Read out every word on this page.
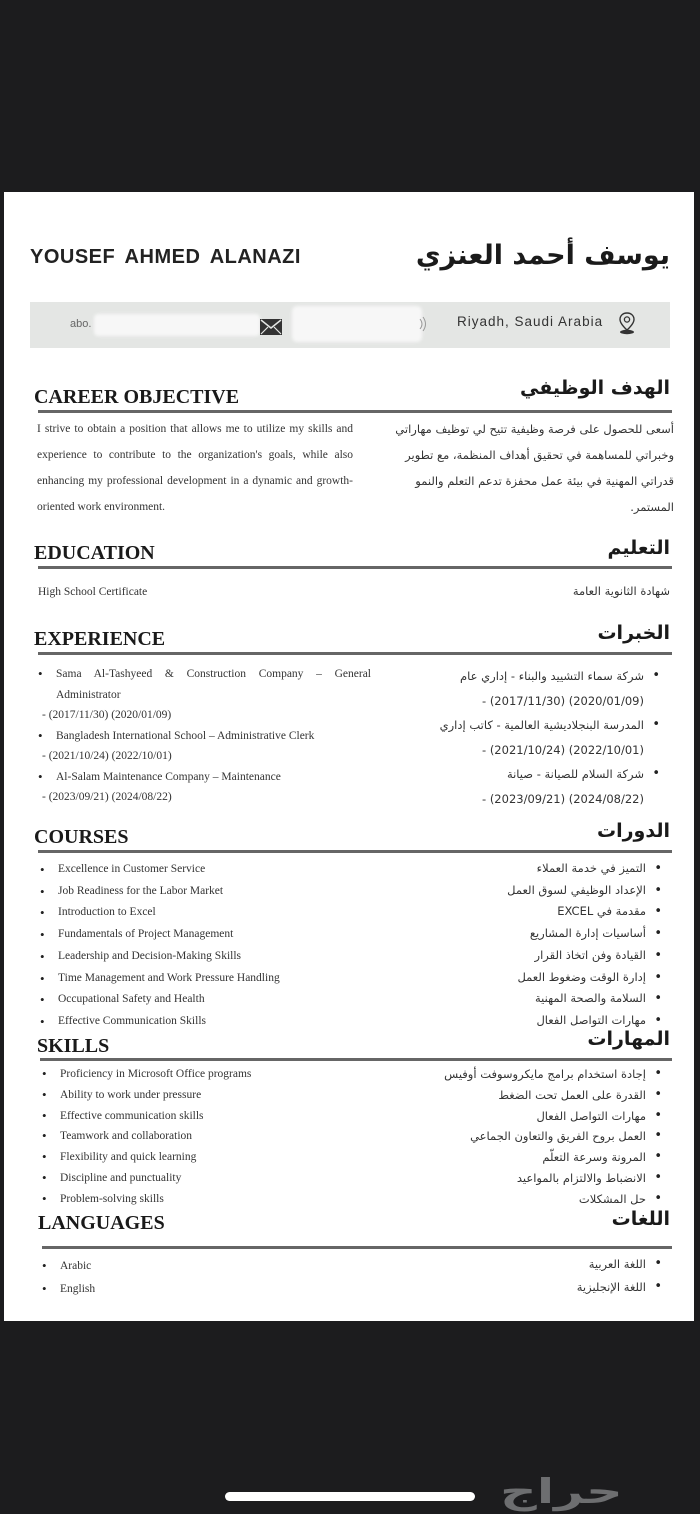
YOUSEF AHMED ALANAZI	يوسف أحمد العنزي
abo.	Riyadh, Saudi Arabia
CAREER OBJECTIVE	الهدف الوظيفي
I strive to obtain a position that allows me to utilize my skills and experience to contribute to the organization's goals, while also enhancing my professional development in a dynamic and growth-oriented work environment.
أسعى للحصول على فرصة وظيفية تتيح لي توظيف مهاراتي وخبراتي للمساهمة في تحقيق أهداف المنظمة، مع تطوير قدراتي المهنية في بيئة عمل محفزة تدعم التعلم والنمو المستمر.
EDUCATION	التعليم
High School Certificate	شهادة الثانوية العامة
EXPERIENCE	الخبرات
• Sama Al-Tashyeed & Construction Company – General Administrator
- (2017/11/30) (2020/01/09)
• Bangladesh International School – Administrative Clerk
- (2021/10/24) (2022/10/01)
• Al-Salam Maintenance Company – Maintenance
- (2023/09/21) (2024/08/22)
• شركة سماء التشييد والبناء - إداري عام
- (2017/11/30) (2020/01/09)
• المدرسة البنجلاديشية العالمية - كاتب إداري
- (2021/10/24) (2022/10/01)
• شركة السلام للصيانة - صيانة
- (2023/09/21) (2024/08/22)
COURSES	الدورات
• Excellence in Customer Service
• Job Readiness for the Labor Market
• Introduction to Excel
• Fundamentals of Project Management
• Leadership and Decision-Making Skills
• Time Management and Work Pressure Handling
• Occupational Safety and Health
• Effective Communication Skills
• التميز في خدمة العملاء
• الإعداد الوظيفي لسوق العمل
• مقدمة في EXCEL
• أساسيات إدارة المشاريع
• القيادة وفن اتخاذ القرار
• إدارة الوقت وضغوط العمل
• السلامة والصحة المهنية
• مهارات التواصل الفعال
SKILLS	المهارات
• Proficiency in Microsoft Office programs
• Ability to work under pressure
• Effective communication skills
• Teamwork and collaboration
• Flexibility and quick learning
• Discipline and punctuality
• Problem-solving skills
• إجادة استخدام برامج مايكروسوفت أوفيس
• القدرة على العمل تحت الضغط
• مهارات التواصل الفعال
• العمل بروح الفريق والتعاون الجماعي
• المرونة وسرعة التعلّم
• الانضباط والالتزام بالمواعيد
• حل المشكلات
LANGUAGES	اللغات
• Arabic
• English
• اللغة العربية
• اللغة الإنجليزية
حراج
